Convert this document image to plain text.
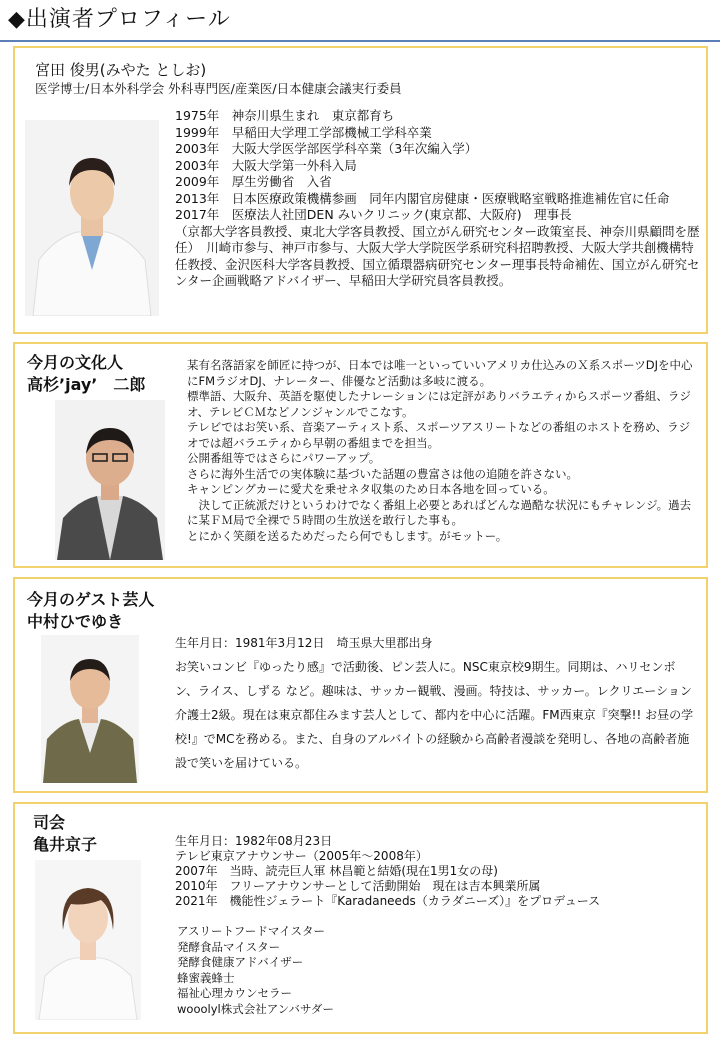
◆出演者プロフィール
宮田 俊男(みやた としお)
医学博士/日本外科学会 外科専門医/産業医/日本健康会議実行委員
1975年　神奈川県生まれ　東京都育ち
1999年　早稲田大学理工学部機械工学科卒業
2003年　大阪大学医学部医学科卒業（3年次編入学）
2003年　大阪大学第一外科入局
2009年　厚生労働省　入省
2013年　日本医療政策機構参画　同年内閣官房健康・医療戦略室戦略推進補佐官に任命
2017年　医療法人社団DEN みいクリニック(東京都、大阪府)　理事長
（京都大学客員教授、東北大学客員教授、国立がん研究センター政策室長、神奈川県顧問を歴任）　川崎市参与、神戸市参与、大阪大学大学院医学系研究科招聘教授、大阪大学共創機構特任教授、金沢医科大学客員教授、国立循環器病研究センター理事長特命補佐、国立がん研究センター企画戦略アドバイザー、早稲田大学研究員客員教授。
今月の文化人
高杉’jay’　二郎
某有名落語家を師匠に持つが、日本では唯一といっていいアメリカ仕込みのＸ系スポーツDJを中心にFMラジオDJ、ナレーター、俳優など活動は多岐に渡る。
標準語、大阪弁、英語を駆使したナレーションには定評がありバラエティからスポーツ番組、ラジオ、テレビＣＭなどノンジャンルでこなす。
テレビではお笑い系、音楽アーティスト系、スポーツアスリートなどの番組のホストを務め、ラジオでは超バラエティから早朝の番組までを担当。
公開番組等ではさらにパワーアップ。
さらに海外生活での実体験に基づいた話題の豊富さは他の追随を許さない。
キャンピングカーに愛犬を乗せネタ収集のため日本各地を回っている。
　決して正統派だけというわけでなく番組上必要とあればどんな過酷な状況にもチャレンジ。過去に某ＦＭ局で全裸で５時間の生放送を敢行した事も。
とにかく笑顔を送るためだったら何でもします。がモットー。
今月のゲスト芸人
中村ひでゆき
生年月日：1981年3月12日　埼玉県大里郡出身
お笑いコンビ『ゆったり感』で活動後、ピン芸人に。NSC東京校9期生。同期は、ハリセンボン、ライス、しずる など。趣味は、サッカー観戦、漫画。特技は、サッカー。レクリエーション介護士2級。現在は東京都住みます芸人として、都内を中心に活躍。FM西東京『突撃!! お昼の学校!』でMCを務める。また、自身のアルバイトの経験から高齢者漫談を発明し、各地の高齢者施設で笑いを届けている。
司会
亀井京子	生年月日：1982年08月23日
テレビ東京アナウンサー（2005年～2008年）
2007年　当時、読売巨人軍 林昌範と結婚(現在1男1女の母)
2010年　フリーアナウンサーとして活動開始　現在は吉本興業所属
2021年　機能性ジェラート『Karadaneeds（カラダニーズ）』をプロデュース
アスリートフードマイスター
発酵食品マイスター
発酵食健康アドバイザー
蜂蜜義蜂士
福祉心理カウンセラー
wooolyl株式会社アンバサダー
